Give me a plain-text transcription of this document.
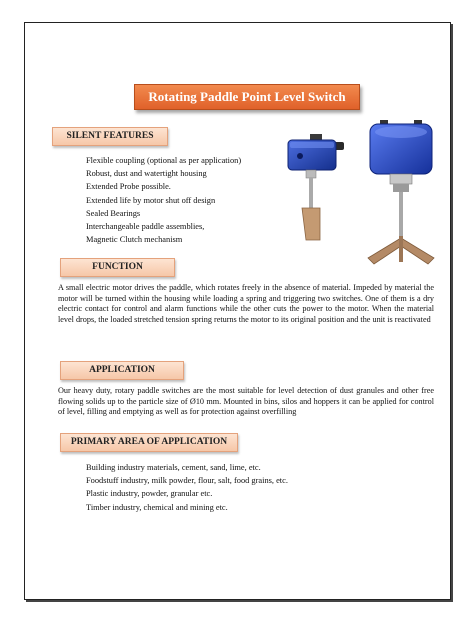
Rotating Paddle Point Level Switch
SILENT FEATURES
Flexible coupling (optional as per application)
Robust, dust and watertight housing
Extended Probe possible.
Extended life by motor shut off design
Sealed Bearings
Interchangeable paddle assemblies,
Magnetic Clutch mechanism
FUNCTION

A small electric motor drives the paddle, which rotates freely in the absence of material. Impeded by material the motor will be turned within the housing while loading a spring and triggering two switches. One of them is a dry electric contact for control and alarm functions while the other cuts the power to the motor. When the material level drops, the loaded stretched tension spring returns the motor to its original position and the unit is reactivated

APPLICATION

Our heavy duty, rotary paddle switches are the most suitable for level detection of dust granules and other free flowing solids up to the particle size of Ø10 mm. Mounted in bins, silos and hoppers it can be applied for control of level, filling and emptying as well as for protection against overfilling

PRIMARY AREA OF APPLICATION
Building industry materials, cement, sand, lime, etc.
Foodstuff industry, milk powder, flour, salt, food grains, etc.
Plastic industry, powder, granular etc.
Timber industry, chemical and mining etc.
